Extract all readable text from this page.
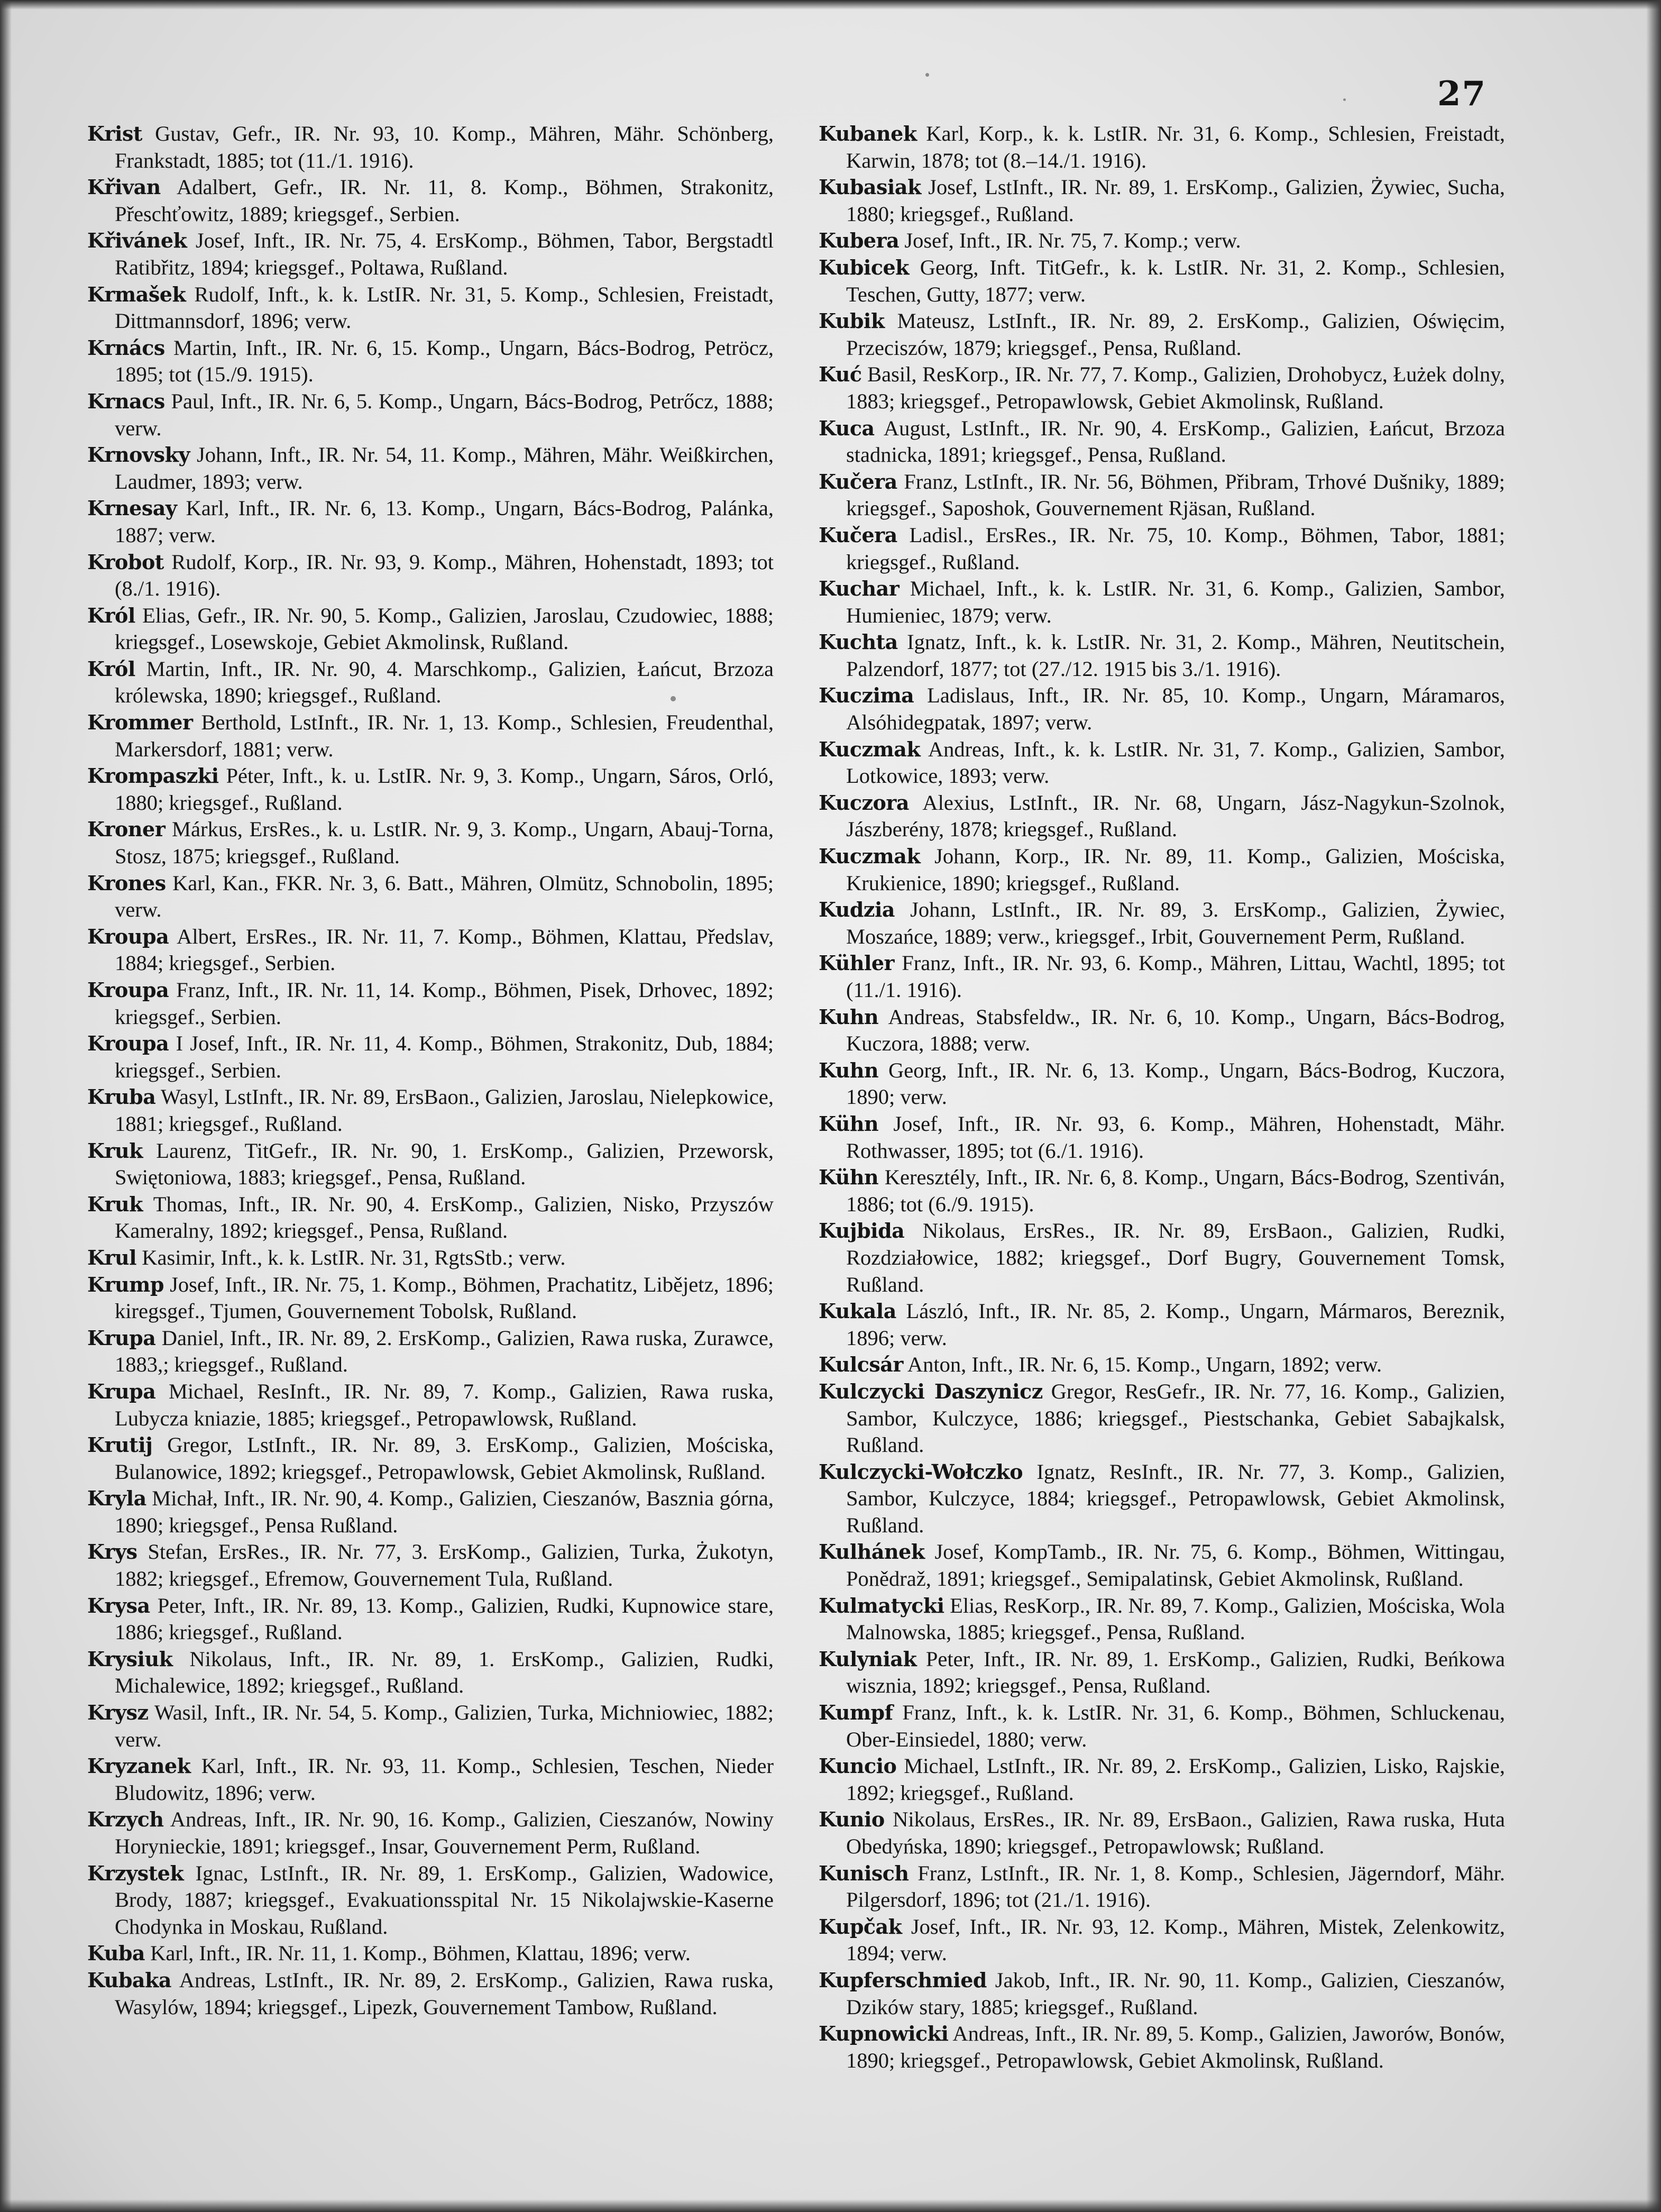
27

Krist Gustav, Gefr., IR. Nr. 93, 10. Komp., Mähren, Mähr. Schönberg, Frankstadt, 1885; tot (11./1. 1916).

Křivan Adalbert, Gefr., IR. Nr. 11, 8. Komp., Böhmen, Strakonitz, Přeschťowitz, 1889; kriegsgef., Serbien.

Křivánek Josef, Inft., IR. Nr. 75, 4. ErsKomp., Böhmen, Tabor, Bergstadtl Ratibřitz, 1894; kriegsgef., Poltawa, Rußland.

Krmašek Rudolf, Inft., k. k. LstIR. Nr. 31, 5. Komp., Schlesien, Freistadt, Dittmannsdorf, 1896; verw.

Krnács Martin, Inft., IR. Nr. 6, 15. Komp., Ungarn, Bács-Bodrog, Petröcz, 1895; tot (15./9. 1915).

Krnacs Paul, Inft., IR. Nr. 6, 5. Komp., Ungarn, Bács-Bodrog, Petrőcz, 1888; verw.

Krnovsky Johann, Inft., IR. Nr. 54, 11. Komp., Mähren, Mähr. Weißkirchen, Laudmer, 1893; verw.

Krnesay Karl, Inft., IR. Nr. 6, 13. Komp., Ungarn, Bács-Bodrog, Palánka, 1887; verw.

Krobot Rudolf, Korp., IR. Nr. 93, 9. Komp., Mähren, Hohenstadt, 1893; tot (8./1. 1916).

Król Elias, Gefr., IR. Nr. 90, 5. Komp., Galizien, Jaroslau, Czudowiec, 1888; kriegsgef., Losewskoje, Gebiet Akmolinsk, Rußland.

Król Martin, Inft., IR. Nr. 90, 4. Marschkomp., Galizien, Łańcut, Brzoza królewska, 1890; kriegsgef., Rußland.

Krommer Berthold, LstInft., IR. Nr. 1, 13. Komp., Schlesien, Freudenthal, Markersdorf, 1881; verw.

Krompaszki Péter, Inft., k. u. LstIR. Nr. 9, 3. Komp., Ungarn, Sáros, Orló, 1880; kriegsgef., Rußland.

Kroner Márkus, ErsRes., k. u. LstIR. Nr. 9, 3. Komp., Ungarn, Abauj-Torna, Stosz, 1875; kriegsgef., Rußland.

Krones Karl, Kan., FKR. Nr. 3, 6. Batt., Mähren, Olmütz, Schnobolin, 1895; verw.

Kroupa Albert, ErsRes., IR. Nr. 11, 7. Komp., Böhmen, Klattau, Předslav, 1884; kriegsgef., Serbien.

Kroupa Franz, Inft., IR. Nr. 11, 14. Komp., Böhmen, Pisek, Drhovec, 1892; kriegsgef., Serbien.

Kroupa I Josef, Inft., IR. Nr. 11, 4. Komp., Böhmen, Strakonitz, Dub, 1884; kriegsgef., Serbien.

Kruba Wasyl, LstInft., IR. Nr. 89, ErsBaon., Galizien, Jaroslau, Nielepkowice, 1881; kriegsgef., Rußland.

Kruk Laurenz, TitGefr., IR. Nr. 90, 1. ErsKomp., Galizien, Przeworsk, Swiętoniowa, 1883; kriegsgef., Pensa, Rußland.

Kruk Thomas, Inft., IR. Nr. 90, 4. ErsKomp., Galizien, Nisko, Przyszów Kameralny, 1892; kriegsgef., Pensa, Rußland.

Krul Kasimir, Inft., k. k. LstIR. Nr. 31, RgtsStb.; verw.

Krump Josef, Inft., IR. Nr. 75, 1. Komp., Böhmen, Prachatitz, Liběјetz, 1896; kiregsgef., Tjumen, Gouvernement Tobolsk, Rußland.

Krupa Daniel, Inft., IR. Nr. 89, 2. ErsKomp., Galizien, Rawa ruska, Zurawce, 1883,; kriegsgef., Rußland.

Krupa Michael, ResInft., IR. Nr. 89, 7. Komp., Galizien, Rawa ruska, Lubycza kniazie, 1885; kriegsgef., Petropawlowsk, Rußland.

Krutij Gregor, LstInft., IR. Nr. 89, 3. ErsKomp., Galizien, Mościska, Bulanowice, 1892; kriegsgef., Petropawlowsk, Gebiet Akmolinsk, Rußland.

Kryla Michał, Inft., IR. Nr. 90, 4. Komp., Galizien, Cieszanów, Basznia górna, 1890; kriegsgef., Pensa Rußland.

Krys Stefan, ErsRes., IR. Nr. 77, 3. ErsKomp., Galizien, Turka, Żukotyn, 1882; kriegsgef., Efremow, Gouvernement Tula, Rußland.

Krysa Peter, Inft., IR. Nr. 89, 13. Komp., Galizien, Rudki, Kupnowice stare, 1886; kriegsgef., Rußland.

Krysiuk Nikolaus, Inft., IR. Nr. 89, 1. ErsKomp., Galizien, Rudki, Michalewice, 1892; kriegsgef., Rußland.

Krysz Wasil, Inft., IR. Nr. 54, 5. Komp., Galizien, Turka, Michniowiec, 1882; verw.

Kryzanek Karl, Inft., IR. Nr. 93, 11. Komp., Schlesien, Teschen, Nieder Bludowitz, 1896; verw.

Krzych Andreas, Inft., IR. Nr. 90, 16. Komp., Galizien, Cieszanów, Nowiny Horynieckie, 1891; kriegsgef., Insar, Gouvernement Perm, Rußland.

Krzystek Ignac, LstInft., IR. Nr. 89, 1. ErsKomp., Galizien, Wadowice, Brody, 1887; kriegsgef., Evakuationsspital Nr. 15 Nikolajwskie-Kaserne Chodynka in Moskau, Rußland.

Kuba Karl, Inft., IR. Nr. 11, 1. Komp., Böhmen, Klattau, 1896; verw.

Kubaka Andreas, LstInft., IR. Nr. 89, 2. ErsKomp., Galizien, Rawa ruska, Wasylów, 1894; kriegsgef., Lipezk, Gouvernement Tambow, Rußland.

Kubanek Karl, Korp., k. k. LstIR. Nr. 31, 6. Komp., Schlesien, Freistadt, Karwin, 1878; tot (8.–14./1. 1916).

Kubasiak Josef, LstInft., IR. Nr. 89, 1. ErsKomp., Galizien, Żywiec, Sucha, 1880; kriegsgef., Rußland.

Kubera Josef, Inft., IR. Nr. 75, 7. Komp.; verw.

Kubicek Georg, Inft. TitGefr., k. k. LstIR. Nr. 31, 2. Komp., Schlesien, Teschen, Gutty, 1877; verw.

Kubik Mateusz, LstInft., IR. Nr. 89, 2. ErsKomp., Galizien, Oświęcim, Przeciszów, 1879; kriegsgef., Pensa, Rußland.

Kuć Basil, ResKorp., IR. Nr. 77, 7. Komp., Galizien, Drohobycz, Łużek dolny, 1883; kriegsgef., Petropawlowsk, Gebiet Akmolinsk, Rußland.

Kuca August, LstInft., IR. Nr. 90, 4. ErsKomp., Galizien, Łańcut, Brzoza stadnicka, 1891; kriegsgef., Pensa, Rußland.

Kučera Franz, LstInft., IR. Nr. 56, Böhmen, Přibram, Trhové Dušniky, 1889; kriegsgef., Saposhok, Gouvernement Rjäsan, Rußland.

Kučera Ladisl., ErsRes., IR. Nr. 75, 10. Komp., Böhmen, Tabor, 1881; kriegsgef., Rußland.

Kuchar Michael, Inft., k. k. LstIR. Nr. 31, 6. Komp., Galizien, Sambor, Humieniec, 1879; verw.

Kuchta Ignatz, Inft., k. k. LstIR. Nr. 31, 2. Komp., Mähren, Neutitschein, Palzendorf, 1877; tot (27./12. 1915 bis 3./1. 1916).

Kuczima Ladislaus, Inft., IR. Nr. 85, 10. Komp., Ungarn, Máramaros, Alsóhidegpatak, 1897; verw.

Kuczmak Andreas, Inft., k. k. LstIR. Nr. 31, 7. Komp., Galizien, Sambor, Lotkowice, 1893; verw.

Kuczora Alexius, LstInft., IR. Nr. 68, Ungarn, Jász-Nagykun-Szolnok, Jászberény, 1878; kriegsgef., Rußland.

Kuczmak Johann, Korp., IR. Nr. 89, 11. Komp., Galizien, Mościska, Krukienice, 1890; kriegsgef., Rußland.

Kudzia Johann, LstInft., IR. Nr. 89, 3. ErsKomp., Galizien, Żywiec, Moszańce, 1889; verw., kriegsgef., Irbit, Gouvernement Perm, Rußland.

Kühler Franz, Inft., IR. Nr. 93, 6. Komp., Mähren, Littau, Wachtl, 1895; tot (11./1. 1916).

Kuhn Andreas, Stabsfeldw., IR. Nr. 6, 10. Komp., Ungarn, Bács-Bodrog, Kuczora, 1888; verw.

Kuhn Georg, Inft., IR. Nr. 6, 13. Komp., Ungarn, Bács-Bodrog, Kuczora, 1890; verw.

Kühn Josef, Inft., IR. Nr. 93, 6. Komp., Mähren, Hohenstadt, Mähr. Rothwasser, 1895; tot (6./1. 1916).

Kühn Keresztély, Inft., IR. Nr. 6, 8. Komp., Ungarn, Bács-Bodrog, Szentiván, 1886; tot (6./9. 1915).

Kujbida Nikolaus, ErsRes., IR. Nr. 89, ErsBaon., Galizien, Rudki, Rozdziałowice, 1882; kriegsgef., Dorf Bugry, Gouvernement Tomsk, Rußland.

Kukala László, Inft., IR. Nr. 85, 2. Komp., Ungarn, Mármaros, Bereznik, 1896; verw.

Kulcsár Anton, Inft., IR. Nr. 6, 15. Komp., Ungarn, 1892; verw.

Kulczycki Daszynicz Gregor, ResGefr., IR. Nr. 77, 16. Komp., Galizien, Sambor, Kulczyce, 1886; kriegsgef., Piestschanka, Gebiet Sabajkalsk, Rußland.

Kulczycki-Wołczko Ignatz, ResInft., IR. Nr. 77, 3. Komp., Galizien, Sambor, Kulczyce, 1884; kriegsgef., Petropawlowsk, Gebiet Akmolinsk, Rußland.

Kulhánek Josef, KompTamb., IR. Nr. 75, 6. Komp., Böhmen, Wittingau, Ponědraž, 1891; kriegsgef., Semipalatinsk, Gebiet Akmolinsk, Rußland.

Kulmatycki Elias, ResKorp., IR. Nr. 89, 7. Komp., Galizien, Mościska, Wola Malnowska, 1885; kriegsgef., Pensa, Rußland.

Kulyniak Peter, Inft., IR. Nr. 89, 1. ErsKomp., Galizien, Rudki, Beńkowa wisznia, 1892; kriegsgef., Pensa, Rußland.

Kumpf Franz, Inft., k. k. LstIR. Nr. 31, 6. Komp., Böhmen, Schluckenau, Ober-Einsiedel, 1880; verw.

Kuncio Michael, LstInft., IR. Nr. 89, 2. ErsKomp., Galizien, Lisko, Rajskie, 1892; kriegsgef., Rußland.

Kunio Nikolaus, ErsRes., IR. Nr. 89, ErsBaon., Galizien, Rawa ruska, Huta Obedyńska, 1890; kriegsgef., Petropawlowsk; Rußland.

Kunisch Franz, LstInft., IR. Nr. 1, 8. Komp., Schlesien, Jägerndorf, Mähr. Pilgersdorf, 1896; tot (21./1. 1916).

Kupčak Josef, Inft., IR. Nr. 93, 12. Komp., Mähren, Mistek, Zelenkowitz, 1894; verw.

Kupferschmied Jakob, Inft., IR. Nr. 90, 11. Komp., Galizien, Cieszanów, Dzików stary, 1885; kriegsgef., Rußland.

Kupnowicki Andreas, Inft., IR. Nr. 89, 5. Komp., Galizien, Jaworów, Bonów, 1890; kriegsgef., Petropawlowsk, Gebiet Akmolinsk, Rußland.
